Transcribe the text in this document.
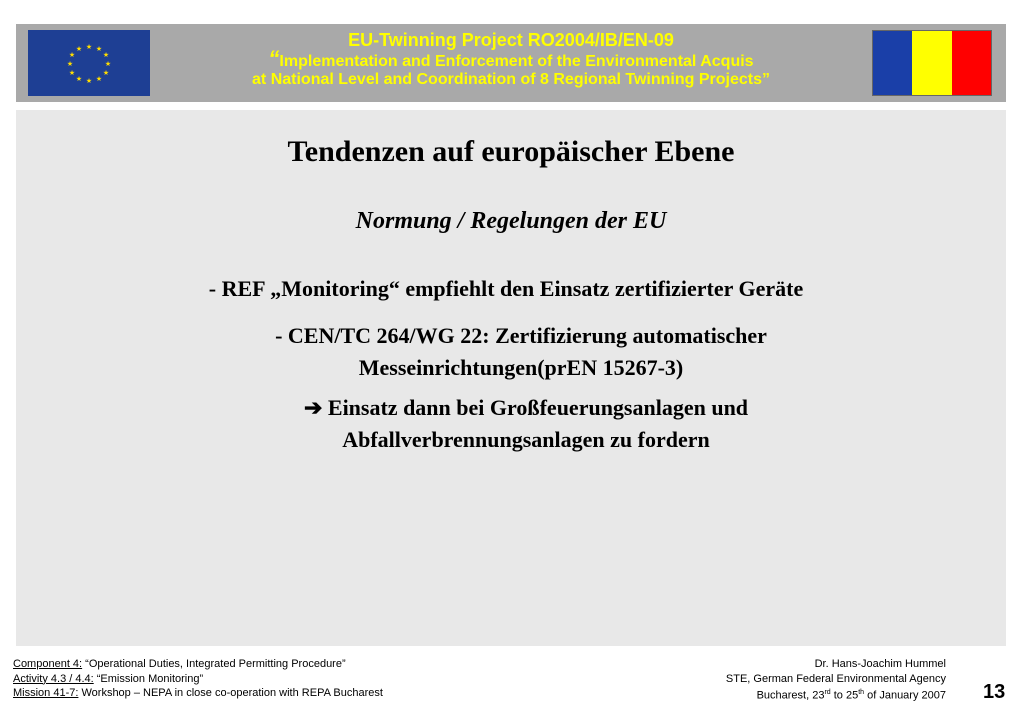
★ ★
★
★
★
★
★
★
★
★
★
★	EU-Twinning Project RO2004/IB/EN-09
“Implementation and Enforcement of the Environmental Acquis
at National Level and Coordination of 8 Regional Twinning Projects”
Tendenzen auf europäischer Ebene
Normung / Regelungen der EU
- REF „Monitoring“ empfiehlt den Einsatz zertifizierter Geräte
- CEN/TC 264/WG 22: Zertifizierung automatischer
Messeinrichtungen(prEN 15267-3)
➔ Einsatz dann bei Großfeuerungsanlagen und
Abfallverbrennungsanlagen zu fordern
Component 4: “Operational Duties, Integrated Permitting Procedure”
Activity 4.3 / 4.4: “Emission Monitoring”
Mission 41-7: Workshop – NEPA in close co-operation with REPA Bucharest
Dr. Hans-Joachim Hummel
STE, German Federal Environmental Agency
Bucharest, 23rd to 25th of January 2007 13
